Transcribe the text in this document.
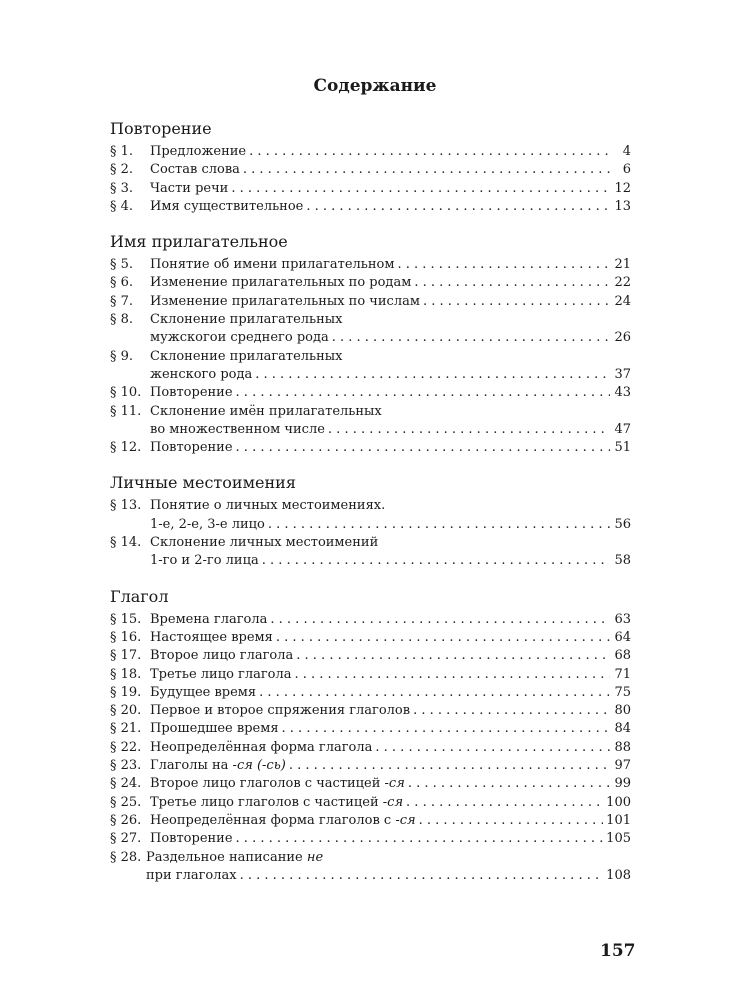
Содержание
Повторение
§ 1.	Предложение . . .	4
§ 2.	Состав слова . . .	6
§ 3.	Части речи . . .	12
§ 4.	Имя существительное . . .	13
Имя прилагательное
§ 5.	Понятие об имени прилагательном . . .	21
§ 6.	Изменение прилагательных по родам . . .	22
§ 7.	Изменение прилагательных по числам . . .	24
§ 8.	Склонение прилагательных
мужскогои среднего рода . . .	26
§ 9.	Склонение прилагательных
женского рода . . .	37
§ 10. Повторение . . .	43
§ 11. Склонение имён прилагательных
во множественном числе . . .	47
§ 12. Повторение . . .	51
Личные местоимения
§ 13. Понятие о личных местоимениях.
1-е, 2-е, 3-е лицо . . .	56
§ 14. Склонение личных местоимений
1-го и 2-го лица . . .	58
Глагол
§ 15. Времена глагола . . .	63
§ 16. Настоящее время . . .	64
§ 17. Второе лицо глагола . . .	68
§ 18. Третье лицо глагола . . .	71
§ 19. Будущее время . . .	75
§ 20. Первое и второе спряжения глаголов . . .	80
§ 21. Прошедшее время . . .	84
§ 22. Неопределённая форма глагола . . .	88
§ 23. Глаголы на -ся (-сь) . . .	97
§ 24. Второе лицо глаголов с частицей -ся . . .	99
§ 25. Третье лицо глаголов с частицей -ся . . .	100
§ 26. Неопределённая форма глаголов с -ся . . .	101
§ 27. Повторение . . .	105
§ 28. Раздельное написание не
при глаголах . . .	108
157
